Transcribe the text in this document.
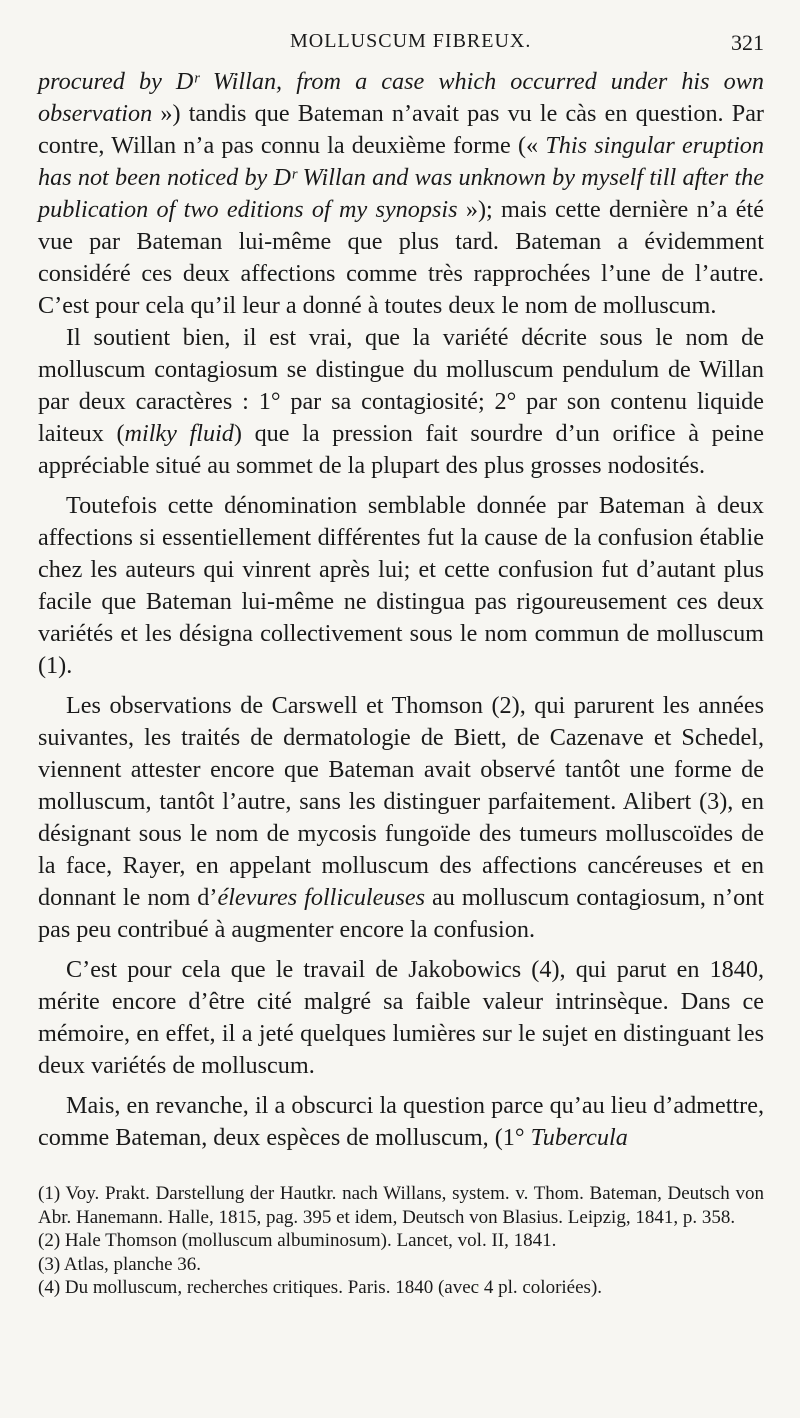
MOLLUSCUM FIBREUX.	321

procured by Dʳ Willan, from a case which occurred under his own observation ») tandis que Bateman n’avait pas vu le càs en question. Par contre, Willan n’a pas connu la deuxième forme (« This singular eruption has not been noticed by Dʳ Willan and was unknown by myself till after the publication of two editions of my synopsis »); mais cette dernière n’a été vue par Bateman lui-même que plus tard. Bateman a évidemment considéré ces deux affections comme très rapprochées l’une de l’autre. C’est pour cela qu’il leur a donné à toutes deux le nom de molluscum.

Il soutient bien, il est vrai, que la variété décrite sous le nom de molluscum contagiosum se distingue du molluscum pendulum de Willan par deux caractères : 1° par sa contagiosité; 2° par son contenu liquide laiteux (milky fluid) que la pression fait sourdre d’un orifice à peine appréciable situé au sommet de la plupart des plus grosses nodosités.

Toutefois cette dénomination semblable donnée par Bateman à deux affections si essentiellement différentes fut la cause de la confusion établie chez les auteurs qui vinrent après lui; et cette confusion fut d’autant plus facile que Bateman lui-même ne distingua pas rigoureusement ces deux variétés et les désigna collectivement sous le nom commun de molluscum (1).

Les observations de Carswell et Thomson (2), qui parurent les années suivantes, les traités de dermatologie de Biett, de Cazenave et Schedel, viennent attester encore que Bateman avait observé tantôt une forme de molluscum, tantôt l’autre, sans les distinguer parfaitement. Alibert (3), en désignant sous le nom de mycosis fungoïde des tumeurs molluscoïdes de la face, Rayer, en appelant molluscum des affections cancéreuses et en donnant le nom d’élevures folliculeuses au molluscum contagiosum, n’ont pas peu contribué à augmenter encore la confusion.

C’est pour cela que le travail de Jakobowics (4), qui parut en 1840, mérite encore d’être cité malgré sa faible valeur intrinsèque. Dans ce mémoire, en effet, il a jeté quelques lumières sur le sujet en distinguant les deux variétés de molluscum.

Mais, en revanche, il a obscurci la question parce qu’au lieu d’admettre, comme Bateman, deux espèces de molluscum, (1° Tubercula

(1) Voy. Prakt. Darstellung der Hautkr. nach Willans, system. v. Thom. Bateman, Deutsch von Abr. Hanemann. Halle, 1815, pag. 395 et idem, Deutsch von Blasius. Leipzig, 1841, p. 358.

(2) Hale Thomson (molluscum albuminosum). Lancet, vol. II, 1841.

(3) Atlas, planche 36.

(4) Du molluscum, recherches critiques. Paris. 1840 (avec 4 pl. coloriées).
